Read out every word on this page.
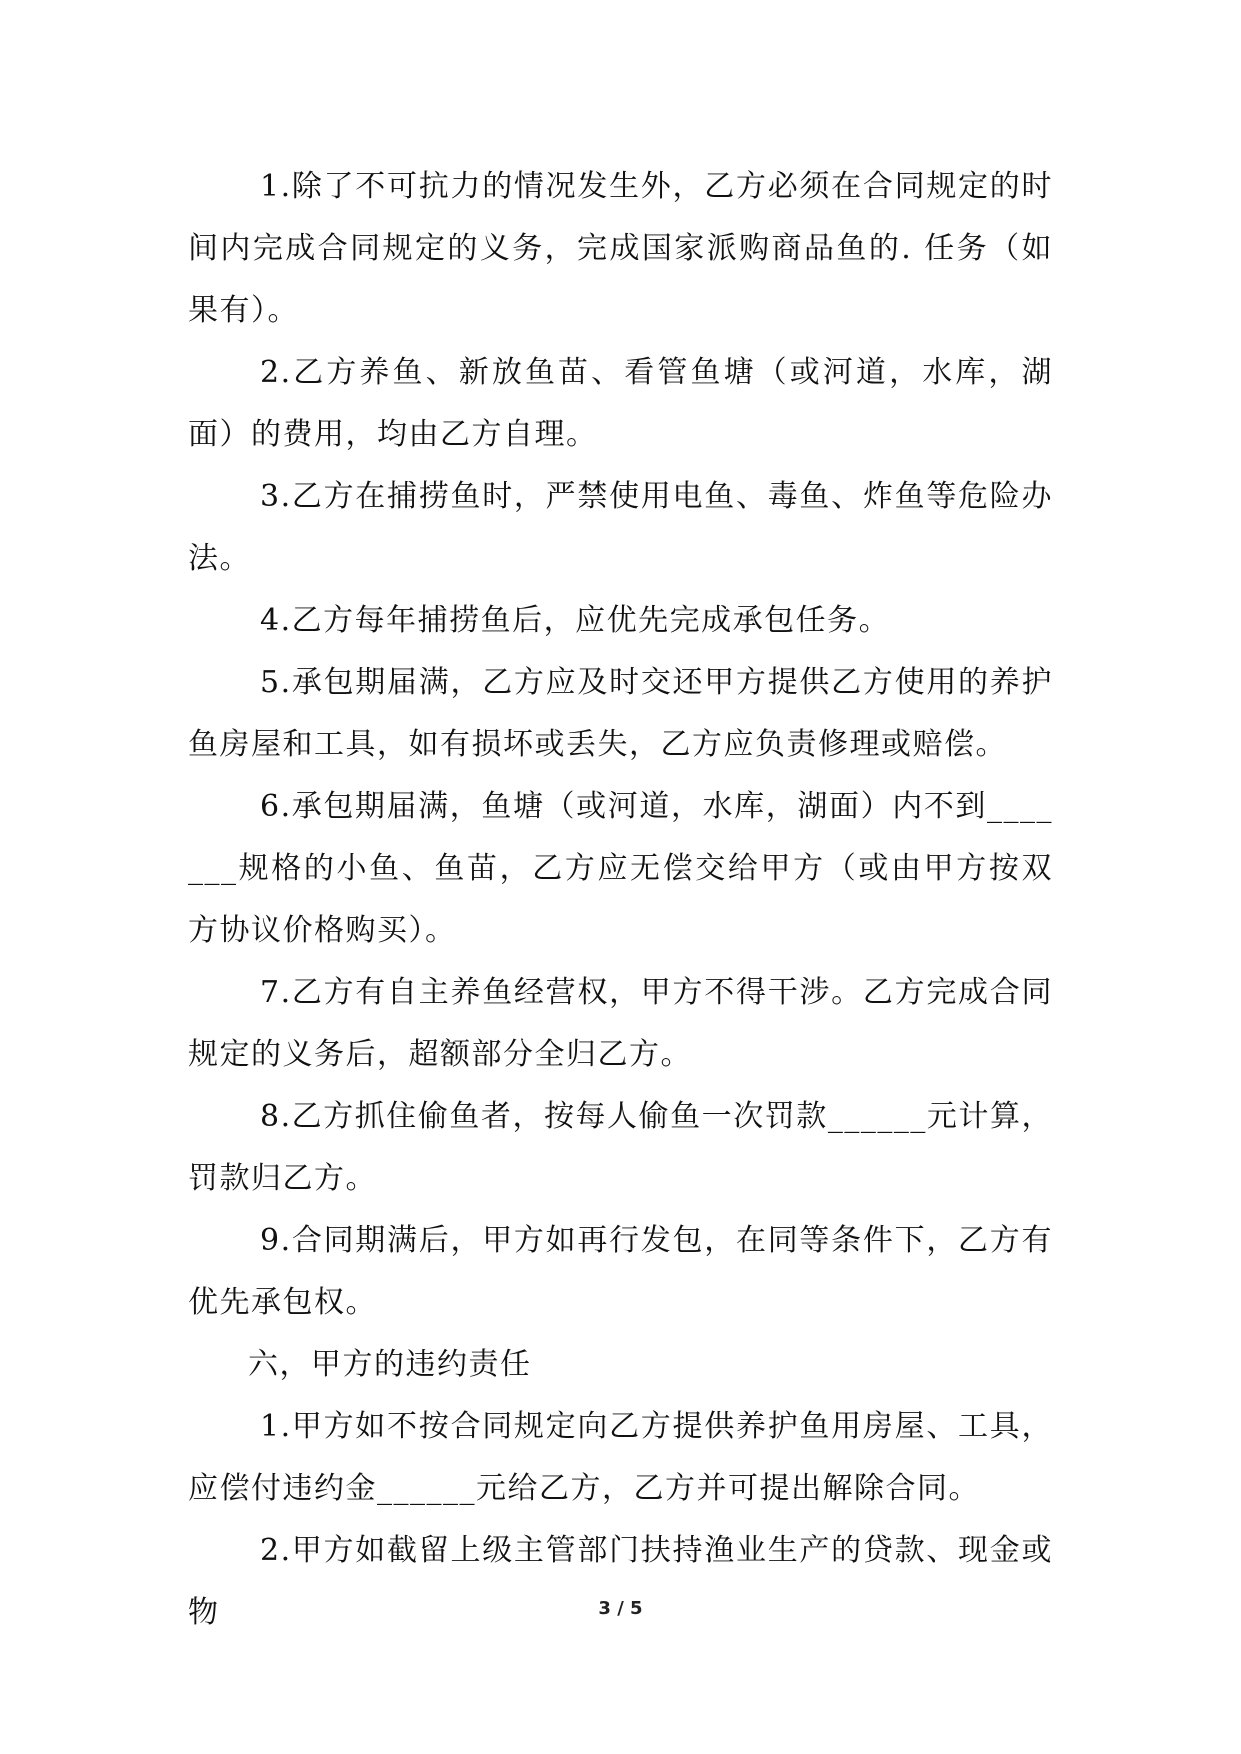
1.除了不可抗力的情况发生外，乙方必须在合同规定的时间内完成合同规定的义务，完成国家派购商品鱼的. 任务（如果有）。

2.乙方养鱼、新放鱼苗、看管鱼塘（或河道，水库，湖面）的费用，均由乙方自理。

3.乙方在捕捞鱼时，严禁使用电鱼、毒鱼、炸鱼等危险办法。

4.乙方每年捕捞鱼后，应优先完成承包任务。

5.承包期届满，乙方应及时交还甲方提供乙方使用的养护鱼房屋和工具，如有损坏或丢失，乙方应负责修理或赔偿。

6.承包期届满，鱼塘（或河道，水库，湖面）内不到_______规格的小鱼、鱼苗，乙方应无偿交给甲方（或由甲方按双方协议价格购买）。

7.乙方有自主养鱼经营权，甲方不得干涉。乙方完成合同规定的义务后，超额部分全归乙方。

8.乙方抓住偷鱼者，按每人偷鱼一次罚款______元计算，罚款归乙方。

9.合同期满后，甲方如再行发包，在同等条件下，乙方有优先承包权。

六，甲方的违约责任

1.甲方如不按合同规定向乙方提供养护鱼用房屋、工具，应偿付违约金______元给乙方，乙方并可提出解除合同。

2.甲方如截留上级主管部门扶持渔业生产的贷款、现金或物	3 / 5
